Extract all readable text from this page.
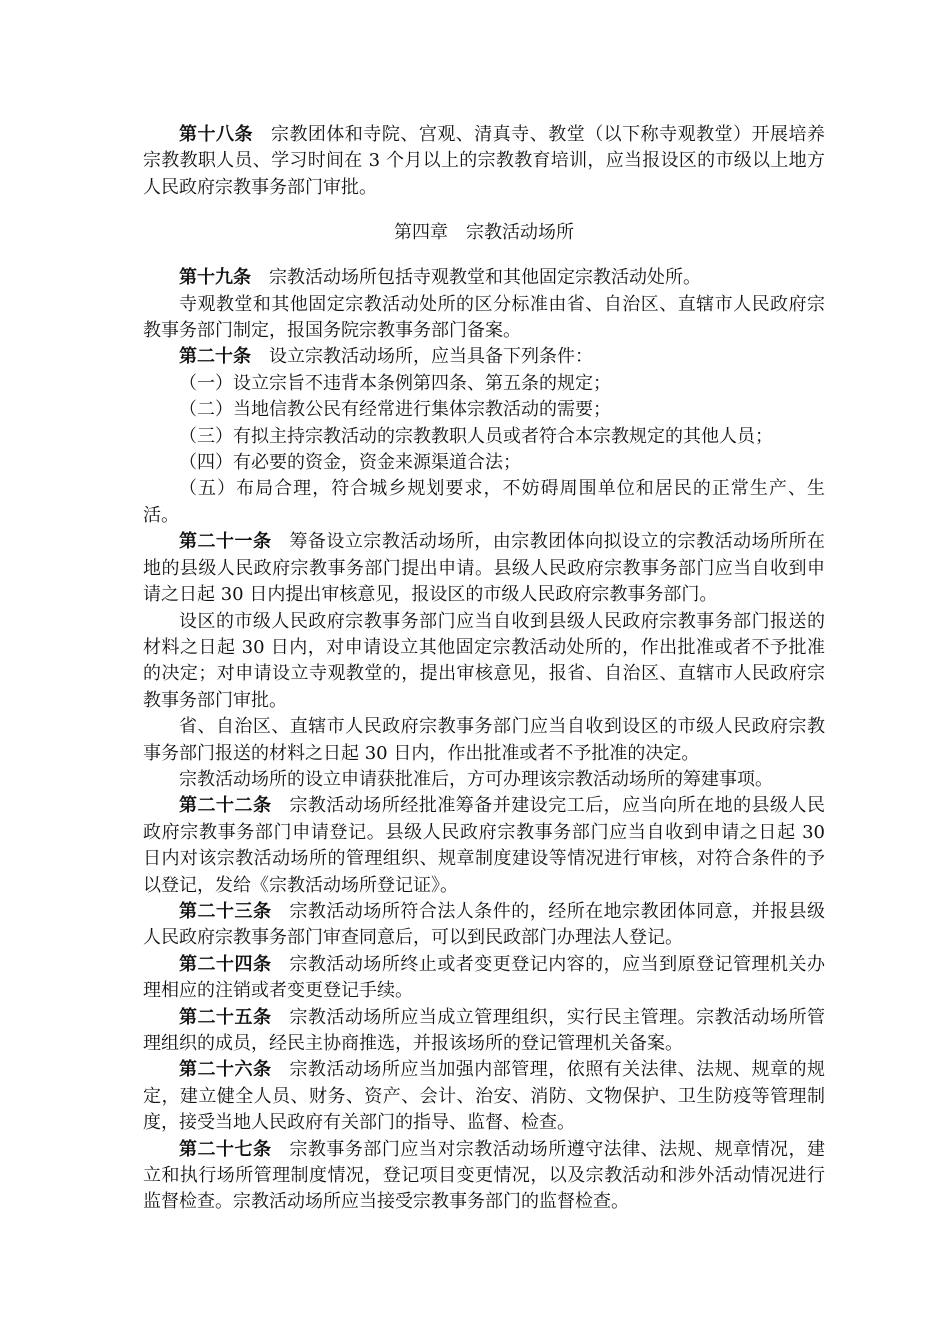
第十八条 宗教团体和寺院、宫观、清真寺、教堂（以下称寺观教堂）开展培养宗教教职人员、学习时间在 3 个月以上的宗教教育培训，应当报设区的市级以上地方人民政府宗教事务部门审批。

第四章 宗教活动场所

第十九条 宗教活动场所包括寺观教堂和其他固定宗教活动处所。

寺观教堂和其他固定宗教活动处所的区分标准由省、自治区、直辖市人民政府宗教事务部门制定，报国务院宗教事务部门备案。

第二十条 设立宗教活动场所，应当具备下列条件：

（一）设立宗旨不违背本条例第四条、第五条的规定；

（二）当地信教公民有经常进行集体宗教活动的需要；

（三）有拟主持宗教活动的宗教教职人员或者符合本宗教规定的其他人员；

（四）有必要的资金，资金来源渠道合法；

（五）布局合理，符合城乡规划要求，不妨碍周围单位和居民的正常生产、生活。

第二十一条 筹备设立宗教活动场所，由宗教团体向拟设立的宗教活动场所所在地的县级人民政府宗教事务部门提出申请。县级人民政府宗教事务部门应当自收到申请之日起 30 日内提出审核意见，报设区的市级人民政府宗教事务部门。

设区的市级人民政府宗教事务部门应当自收到县级人民政府宗教事务部门报送的材料之日起 30 日内，对申请设立其他固定宗教活动处所的，作出批准或者不予批准的决定；对申请设立寺观教堂的，提出审核意见，报省、自治区、直辖市人民政府宗教事务部门审批。

省、自治区、直辖市人民政府宗教事务部门应当自收到设区的市级人民政府宗教事务部门报送的材料之日起 30 日内，作出批准或者不予批准的决定。

宗教活动场所的设立申请获批准后，方可办理该宗教活动场所的筹建事项。

第二十二条 宗教活动场所经批准筹备并建设完工后，应当向所在地的县级人民政府宗教事务部门申请登记。县级人民政府宗教事务部门应当自收到申请之日起 30 日内对该宗教活动场所的管理组织、规章制度建设等情况进行审核，对符合条件的予以登记，发给《宗教活动场所登记证》。

第二十三条 宗教活动场所符合法人条件的，经所在地宗教团体同意，并报县级人民政府宗教事务部门审查同意后，可以到民政部门办理法人登记。

第二十四条 宗教活动场所终止或者变更登记内容的，应当到原登记管理机关办理相应的注销或者变更登记手续。

第二十五条 宗教活动场所应当成立管理组织，实行民主管理。宗教活动场所管理组织的成员，经民主协商推选，并报该场所的登记管理机关备案。

第二十六条 宗教活动场所应当加强内部管理，依照有关法律、法规、规章的规定，建立健全人员、财务、资产、会计、治安、消防、文物保护、卫生防疫等管理制度，接受当地人民政府有关部门的指导、监督、检查。

第二十七条 宗教事务部门应当对宗教活动场所遵守法律、法规、规章情况，建立和执行场所管理制度情况，登记项目变更情况，以及宗教活动和涉外活动情况进行监督检查。宗教活动场所应当接受宗教事务部门的监督检查。
